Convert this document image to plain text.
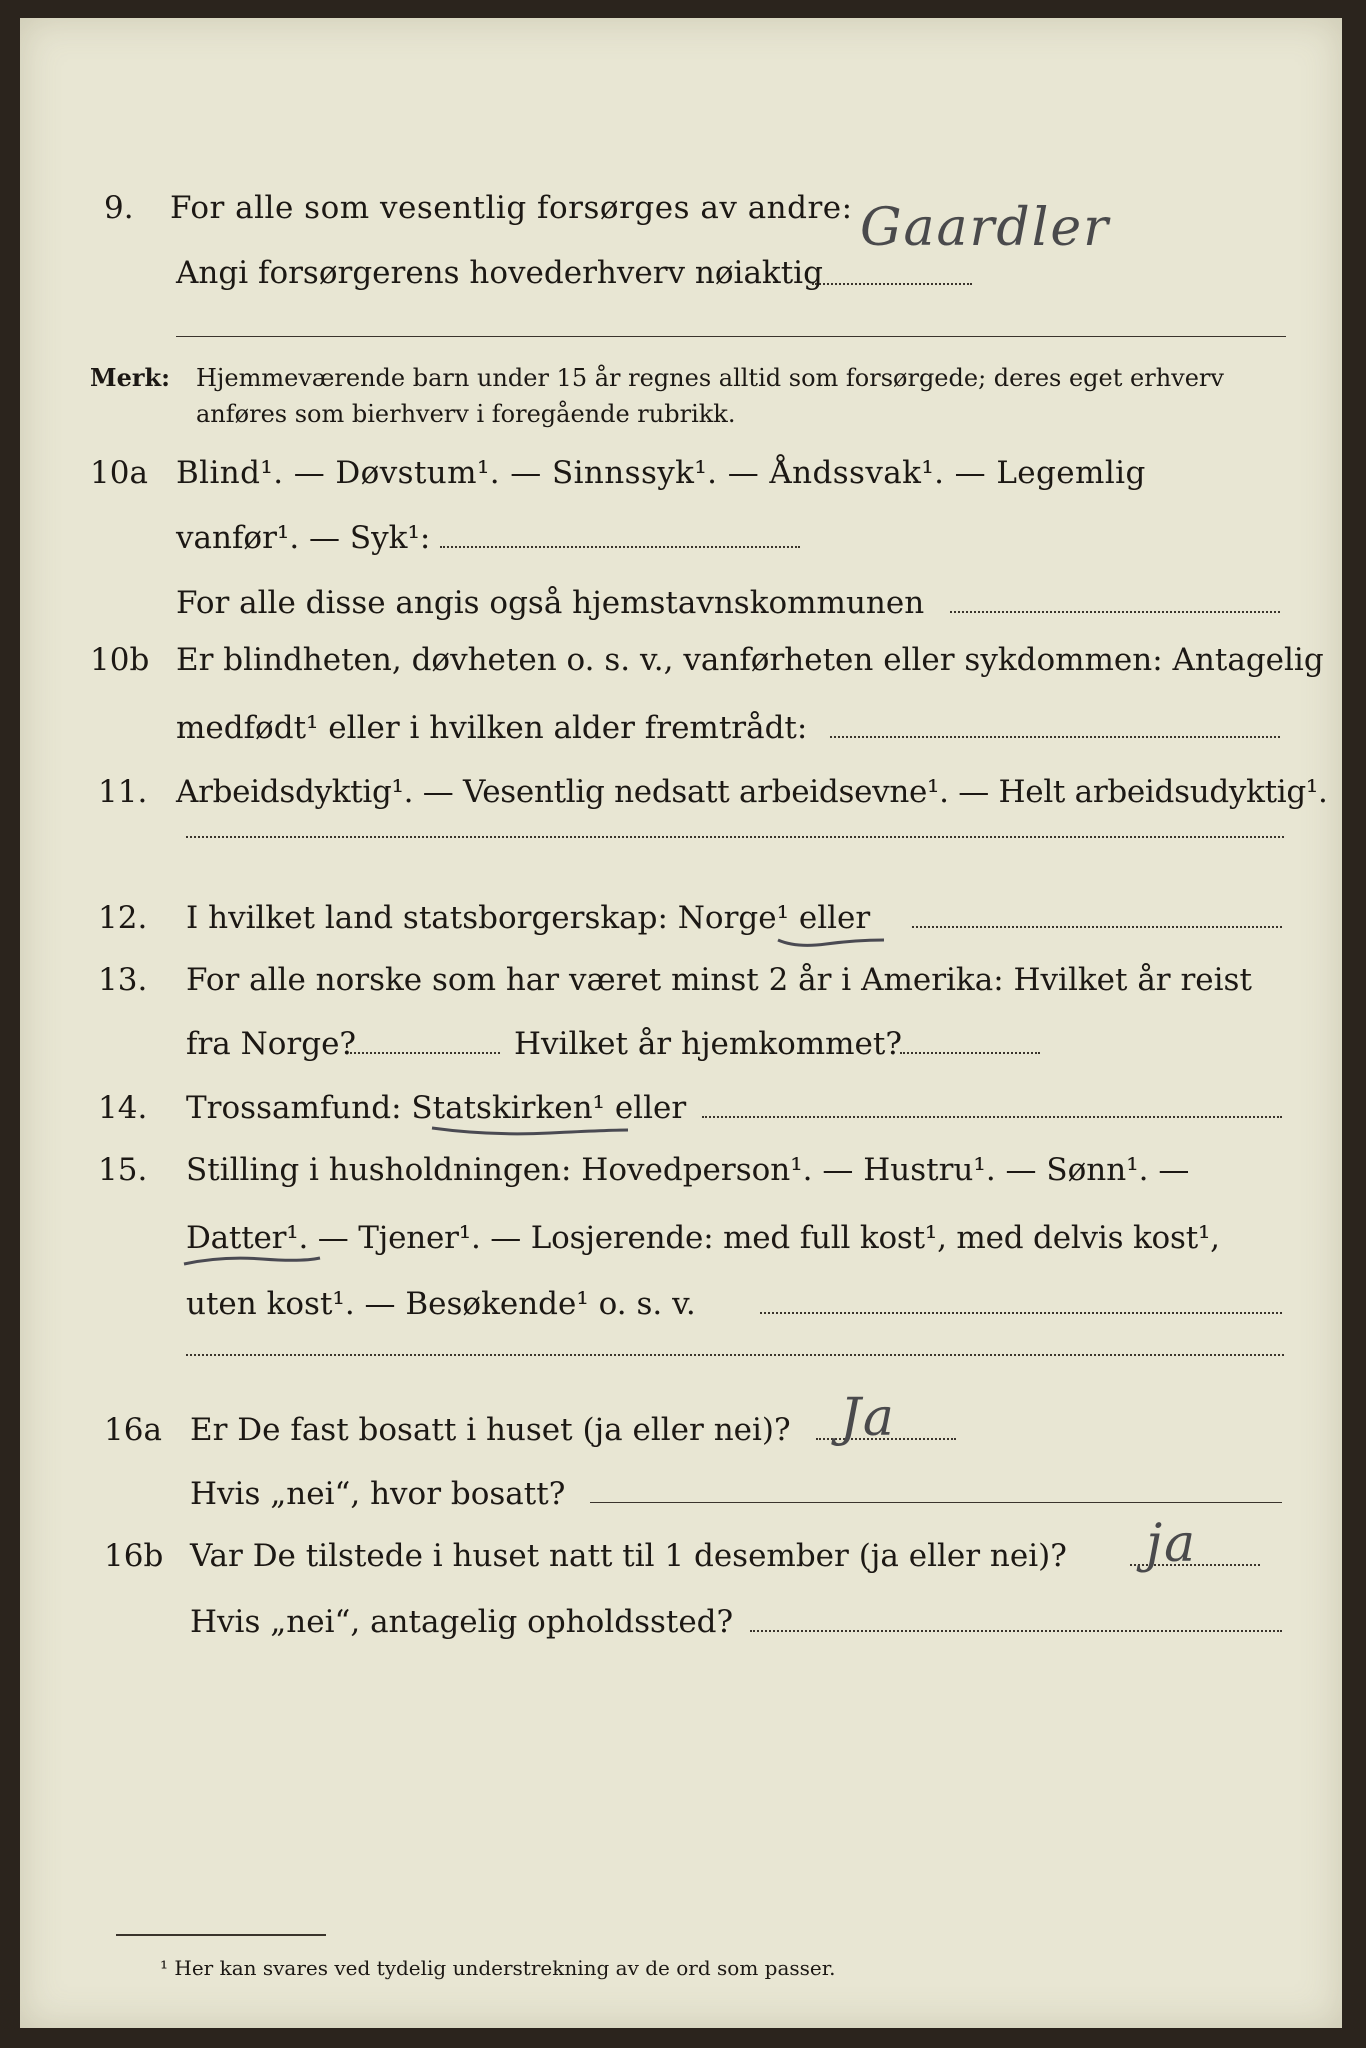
9.	For alle som vesentlig forsørges av andre:
Angi forsørgerens hovederhverv nøiaktig
Gaardler
Merk: Hjemmeværende barn under 15 år regnes alltid som forsørgede; deres eget erhverv
anføres som bierhverv i foregående rubrikk.
10a Blind¹. — Døvstum¹. — Sinnssyk¹. — Åndssvak¹. — Legemlig
vanfør¹. — Syk¹:
For alle disse angis også hjemstavnskommunen
10b Er blindheten, døvheten o. s. v., vanførheten eller sykdommen: Antagelig
medfødt¹ eller i hvilken alder fremtrådt:
11. Arbeidsdyktig¹. — Vesentlig nedsatt arbeidsevne¹. — Helt arbeidsudyktig¹.
12.	I hvilket land statsborgerskap: Norge¹ eller
13.	For alle norske som har været minst 2 år i Amerika: Hvilket år reist
fra Norge?	Hvilket år hjemkommet?
14.	Trossamfund: Statskirken¹ eller
15.	Stilling i husholdningen: Hovedperson¹. — Hustru¹. — Sønn¹. —
Datter¹. — Tjener¹. — Losjerende: med full kost¹, med delvis kost¹,
uten kost¹. — Besøkende¹ o. s. v.
16a Er De fast bosatt i huset (ja eller nei)? Ja
Hvis „nei“, hvor bosatt?
16b Var De tilstede i huset natt til 1 desember (ja eller nei)? ja
Hvis „nei“, antagelig opholdssted?
¹ Her kan svares ved tydelig understrekning av de ord som passer.
